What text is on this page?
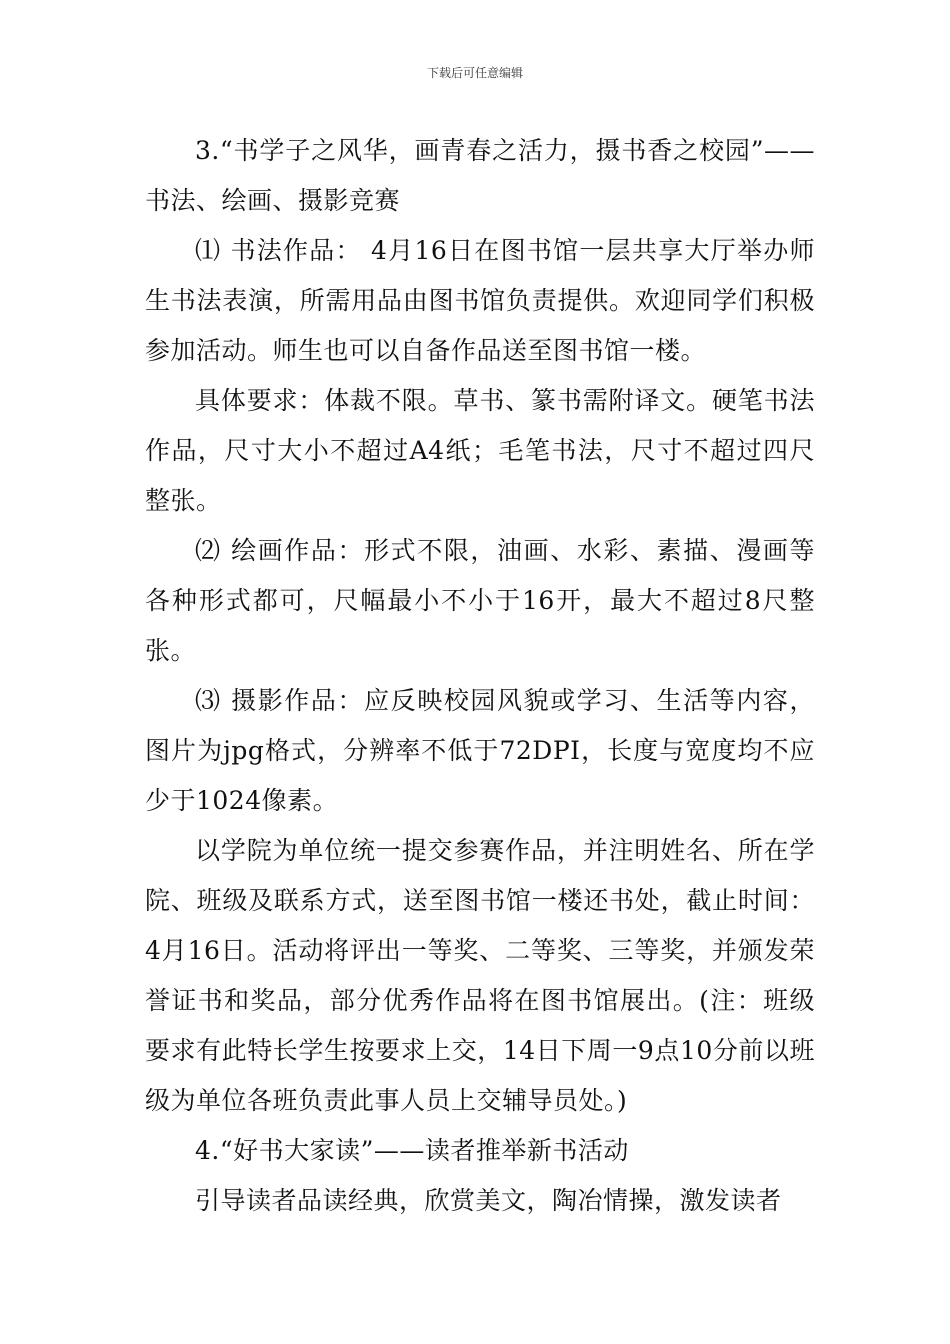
下载后可任意编辑

3.“书学子之风华，画青春之活力，摄书香之校园”——书法、绘画、摄影竞赛

⑴ 书法作品： 4月16日在图书馆一层共享大厅举办师生书法表演，所需用品由图书馆负责提供。欢迎同学们积极参加活动。师生也可以自备作品送至图书馆一楼。

具体要求：体裁不限。草书、篆书需附译文。硬笔书法作品，尺寸大小不超过A4纸；毛笔书法，尺寸不超过四尺整张。

⑵ 绘画作品：形式不限，油画、水彩、素描、漫画等各种形式都可，尺幅最小不小于16开，最大不超过8尺整张。

⑶ 摄影作品：应反映校园风貌或学习、生活等内容，图片为jpg格式，分辨率不低于72DPI，长度与宽度均不应少于1024像素。

以学院为单位统一提交参赛作品，并注明姓名、所在学院、班级及联系方式，送至图书馆一楼还书处，截止时间：4月16日。活动将评出一等奖、二等奖、三等奖，并颁发荣誉证书和奖品，部分优秀作品将在图书馆展出。(注：班级要求有此特长学生按要求上交，14日下周一9点10分前以班级为单位各班负责此事人员上交辅导员处。)

4.“好书大家读”——读者推举新书活动

引导读者品读经典，欣赏美文，陶冶情操，激发读者
